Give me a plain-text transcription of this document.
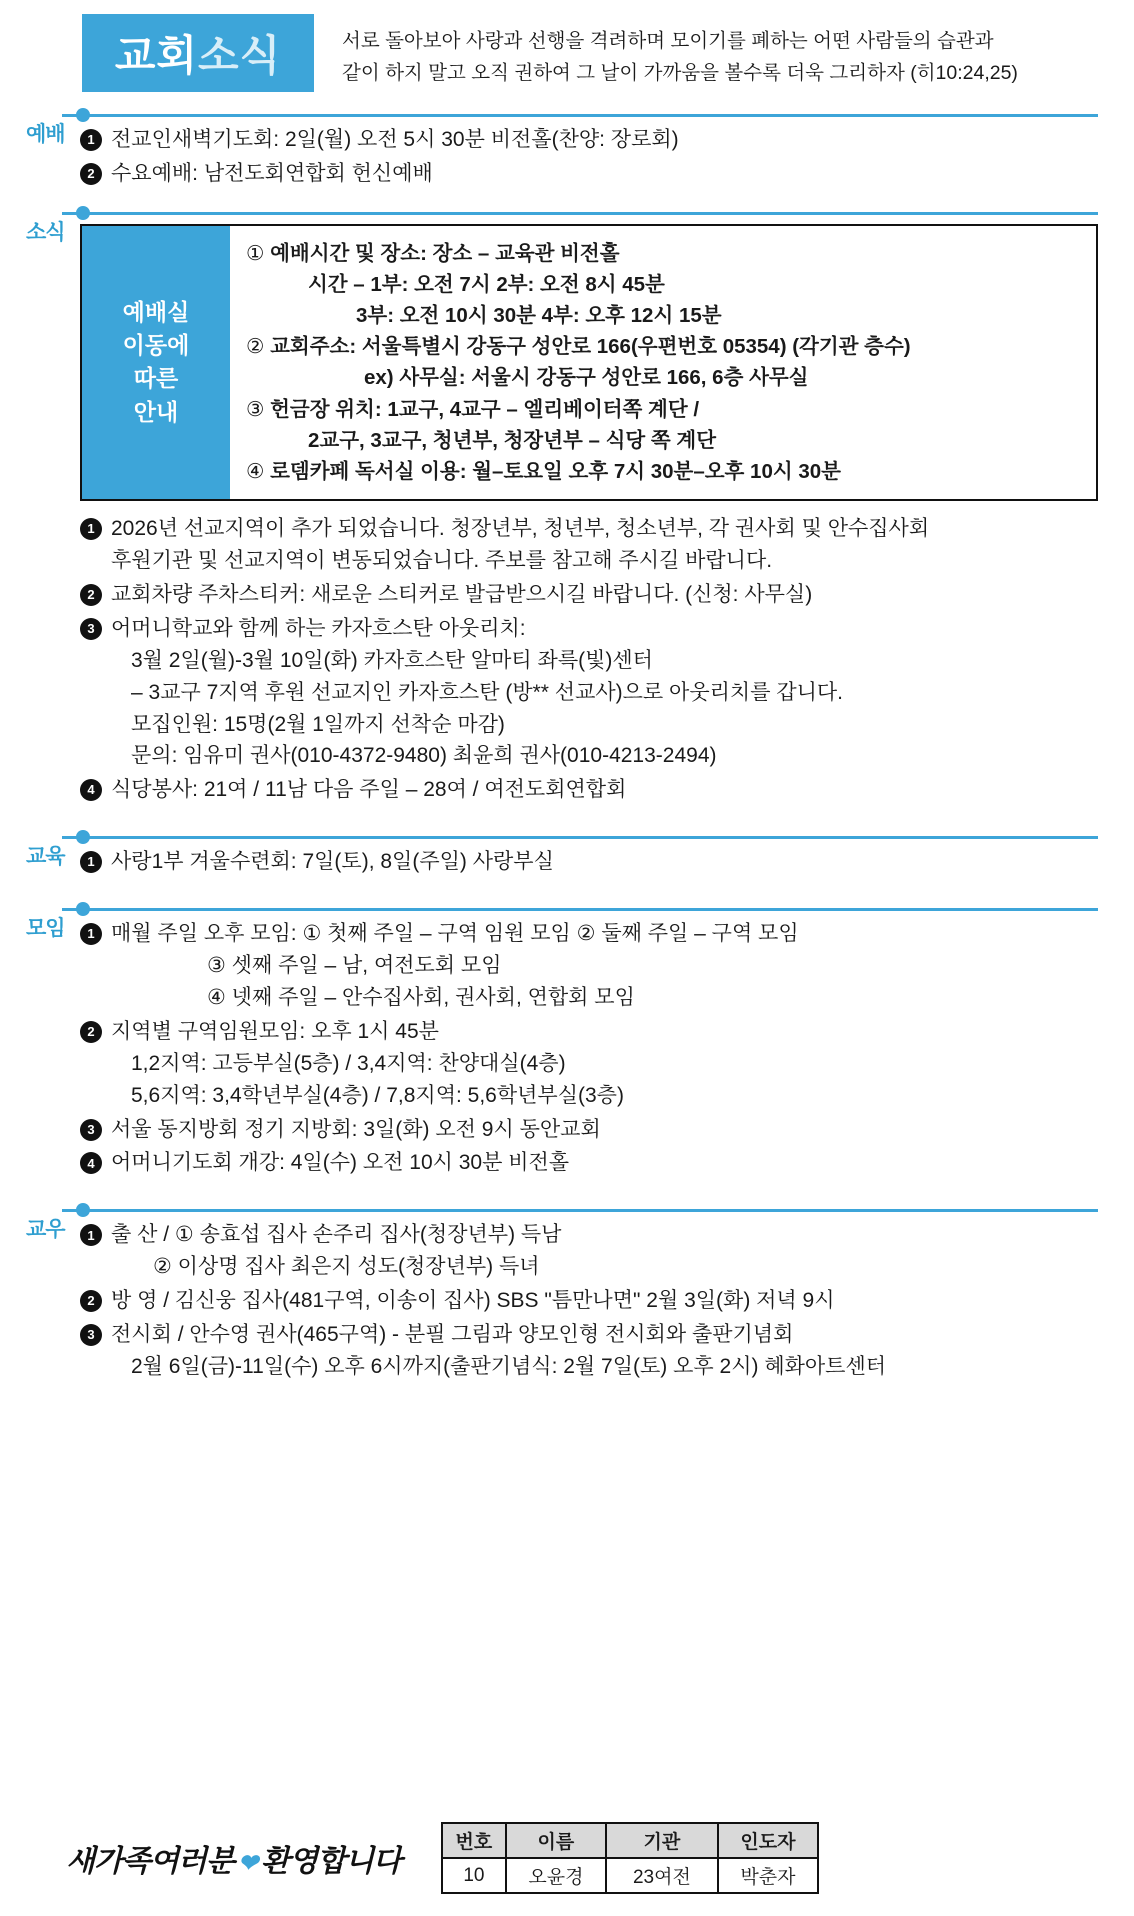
교회소식	서로 돌아보아 사랑과 선행을 격려하며 모이기를 폐하는 어떤 사람들의 습관과
같이 하지 말고 오직 권하여 그 날이 가까움을 볼수록 더욱 그리하자 (히10:24,25)
예배	1 전교인새벽기도회: 2일(월) 오전 5시 30분 비전홀(찬양: 장로회)
2 수요예배: 남전도회연합회 헌신예배
소식
예배실
이동에
따른
안내
① 예배시간 및 장소: 장소 – 교육관 비전홀
시간 – 1부: 오전 7시 2부: 오전 8시 45분
3부: 오전 10시 30분 4부: 오후 12시 15분
② 교회주소: 서울특별시 강동구 성안로 166(우편번호 05354) (각기관 층수)
ex) 사무실: 서울시 강동구 성안로 166, 6층 사무실
③ 헌금장 위치: 1교구, 4교구 – 엘리베이터쪽 계단 /
2교구, 3교구, 청년부, 청장년부 – 식당 쪽 계단
④ 로뎀카페 독서실 이용: 월–토요일 오후 7시 30분–오후 10시 30분
1 2026년 선교지역이 추가 되었습니다. 청장년부, 청년부, 청소년부, 각 권사회 및 안수집사회
후원기관 및 선교지역이 변동되었습니다. 주보를 참고해 주시길 바랍니다.
2 교회차량 주차스티커: 새로운 스티커로 발급받으시길 바랍니다. (신청: 사무실)
3 어머니학교와 함께 하는 카자흐스탄 아웃리치:
3월 2일(월)-3월 10일(화) 카자흐스탄 알마티 좌륵(빛)센터
– 3교구 7지역 후원 선교지인 카자흐스탄 (방** 선교사)으로 아웃리치를 갑니다.
모집인원: 15명(2월 1일까지 선착순 마감)
문의: 임유미 권사(010-4372-9480) 최윤희 권사(010-4213-2494)
4 식당봉사: 21여 / 11남 다음 주일 – 28여 / 여전도회연합회
교육	1 사랑1부 겨울수련회: 7일(토), 8일(주일) 사랑부실
모임	1 매월 주일 오후 모임: ① 첫째 주일 – 구역 임원 모임 ② 둘째 주일 – 구역 모임
③ 셋째 주일 – 남, 여전도회 모임
④ 넷째 주일 – 안수집사회, 권사회, 연합회 모임
2 지역별 구역임원모임: 오후 1시 45분
1,2지역: 고등부실(5층) / 3,4지역: 찬양대실(4층)
5,6지역: 3,4학년부실(4층) / 7,8지역: 5,6학년부실(3층)
3 서울 동지방회 정기 지방회: 3일(화) 오전 9시 동안교회
4 어머니기도회 개강: 4일(수) 오전 10시 30분 비전홀
교우	1 출 산 / ① 송효섭 집사 손주리 집사(청장년부) 득남
② 이상명 집사 최은지 성도(청장년부) 득녀
2 방 영 / 김신웅 집사(481구역, 이송이 집사) SBS "틈만나면" 2월 3일(화) 저녁 9시
3 전시회 / 안수영 권사(465구역) - 분필 그림과 양모인형 전시회와 출판기념회
2월 6일(금)-11일(수) 오후 6시까지(출판기념식: 2월 7일(토) 오후 2시) 혜화아트센터
새가족여러분 ❤ 환영합니다
번호	이름	기관	인도자
10	오윤경	23여전	박춘자
